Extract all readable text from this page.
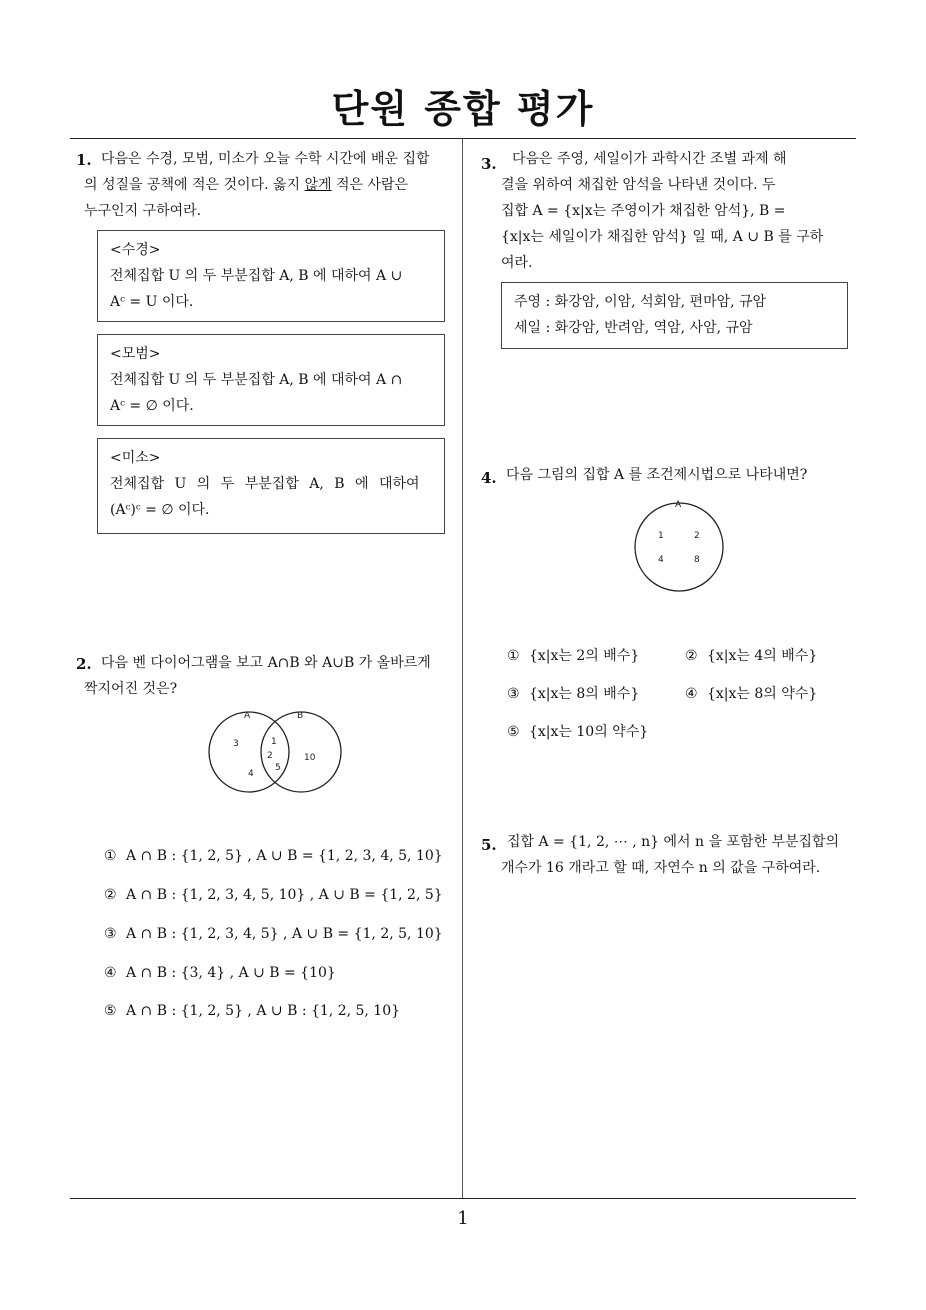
단원 종합 평가
1
1. 다음은 수경, 모범, 미소가 오늘 수학 시간에 배운 집합

의 성질을 공책에 적은 것이다. 옳지 않게 적은 사람은

누구인지 구하여라.

<수경>

전체집합 U 의 두 부분집합 A, B 에 대하여 A ∪

Aᶜ = U 이다.

<모범>

전체집합 U 의 두 부분집합 A, B 에 대하여 A ∩

Aᶜ = ∅ 이다.

<미소>

전체집합 U 의 두 부분집합 A, B 에 대하여

(Aᶜ)ᶜ = ∅ 이다.

2. 다음 벤 다이어그램을 보고 A∩B 와 A∪B 가 올바르게

짝지어진 것은?

A	B
3
4
1
2
5
10
① A ∩ B : {1, 2, 5} , A ∪ B = {1, 2, 3, 4, 5, 10}
② A ∩ B : {1, 2, 3, 4, 5, 10} , A ∪ B = {1, 2, 5}
③ A ∩ B : {1, 2, 3, 4, 5} , A ∪ B = {1, 2, 5, 10}
④ A ∩ B : {3, 4} , A ∪ B = {10}
⑤ A ∩ B : {1, 2, 5} , A ∪ B : {1, 2, 5, 10}
3. 다음은 주영, 세일이가 과학시간 조별 과제 해

결을 위하여 채집한 암석을 나타낸 것이다. 두

집합 A = {x|x는 주영이가 채집한 암석}, B =

{x|x는 세일이가 채집한 암석} 일 때, A ∪ B 를 구하

여라.

주영 : 화강암, 이암, 석회암, 편마암, 규암

세일 : 화강암, 반려암, 역암, 사암, 규암

4. 다음 그림의 집합 A 를 조건제시법으로 나타내면?

A
1	2
4	8
① {x|x는 2의 배수}	② {x|x는 4의 배수}
③ {x|x는 8의 배수}	④ {x|x는 8의 약수}
⑤ {x|x는 10의 약수}
5. 집합 A = {1, 2, ⋯ , n} 에서 n 을 포함한 부분집합의

개수가 16 개라고 할 때, 자연수 n 의 값을 구하여라.
